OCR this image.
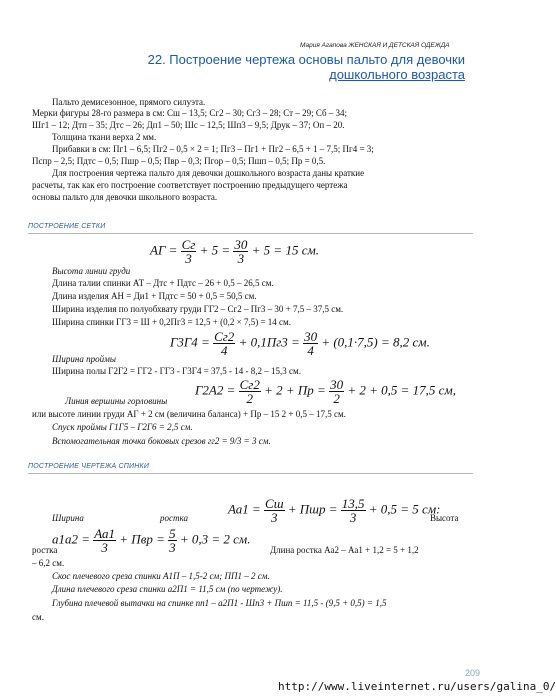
Мария Агапова ЖЕНСКАЯ И ДЕТСКАЯ ОДЕЖДА
22. Построение чертежа основы пальто для девочки
дошкольного возраста
Пальто демисезонное, прямого силуэта.
Мерки фигуры 28-го размера в см: Сш – 13,5; Сг2 – 30; Сг3 – 28; Ст – 29; Сб – 34;
Шг1 – 12; Дтп – 35; Дтс – 26; Дп1 – 50; Шс – 12,5; Шп3 – 9,5; Друк – 37; Оп – 20.
Толщина ткани верха 2 мм.
Прибавки в см: Пг1 – 6,5; Пг2 – 0,5 × 2 = 1; Пг3 – Пг1 + Пг2 – 6,5 + 1 – 7,5; Пг4 = 3;
Пспр – 2,5; Пдтс – 0,5; Пшр – 0,5; Пвр – 0,3; Пгор – 0,5; Пшп – 0,5; Пр = 0,5.
Для построения чертежа пальто для девочки дошкольного возраста даны краткие
расчеты, так как его построение соответствует построению предыдущего чертежа
основы пальто для девочки школьного возраста.
ПОСТРОЕНИЕ СЕТКИ
АГ = $\frac{Сг}{3} + 5 = \frac{30}{3} + 5 = 15$ см.
Высота линии груди
Длина талии спинки АТ – Дтс + Пдтс – 26 + 0,5 – 26,5 см.
Длина изделия АН = Ди1 + Пдтс = 50 + 0,5 = 50,5 см.
Ширина изделия по полуобхвату груди ГГ2 – Сг2 – Пг3 – 30 + 7,5 – 37,5 см.
Ширина спинки ГГ3 = Ш + 0,2Пг3 = 12,5 + (0,2 × 7,5) = 14 см.
$Г3Г4 = \frac{Сг2}{4} + 0,1Пг3 = \frac{30}{4} + (0,1\cdot 7,5) = 8,2$ см.
Ширина проймы
Ширина полы Г2Г2 = ГГ2 - ГГ3 - Г3Г4 = 37,5 - 14 - 8,2 – 15,3 см.
$Г2А2 = \frac{Сг2}{2} + 2$ + Пр = $\frac{30}{2} + 2 + 0,5 = 17,5$ см,
Линия вершины горловины
или высоте линии груди АГ + 2 см (величина баланса) + Пр – 15 2 + 0,5 – 17,5 см.
Спуск проймы Г1Г5 – Г2Г6 = 2,5 см.
Вспомогательная точка боковых срезов гг2 = 9/3 = 3 см.
ПОСТРОЕНИЕ ЧЕРТЕЖА СПИНКИ
$Аа1 = \frac{Сш}{3}$ + Пшр = $\frac{13,5}{3} + 0,5 = 5$ см:
Ширина	ростка	Высота
$а1а2 = \frac{Аа1}{3}$ + Пвр = $\frac{5}{3} + 0,3 = 2$ см.
ростка	Длина ростка Аа2 – Аа1 + 1,2 = 5 + 1,2
– 6,2 см.
Скос плечевого среза спинки А1П – 1,5-2 см; ПП1 – 2 см.
Длина плечевого среза спинки а2П1 = 11,5 см (по чертежу).
Глубина плечевой вытачки на спинке пп1 – а2П1 - Шп3 + Пшп = 11,5 - (9,5 + 0,5) = 1,5
см.
209
http://www.liveinternet.ru/users/galina_0/
